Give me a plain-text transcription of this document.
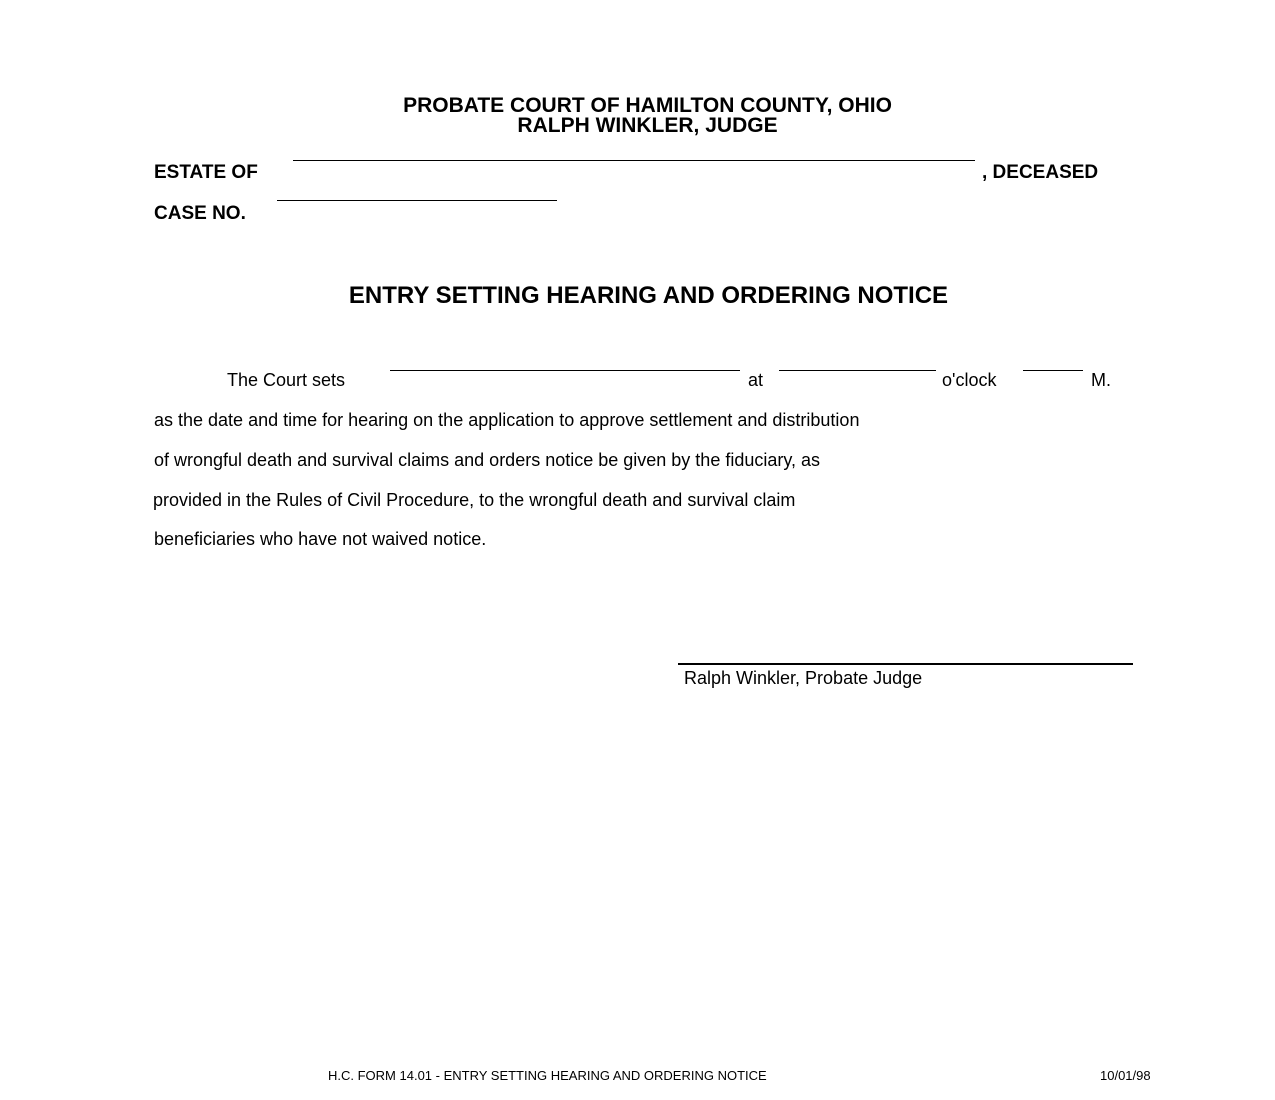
PROBATE COURT OF HAMILTON COUNTY, OHIO
RALPH WINKLER, JUDGE
ESTATE OF	, DECEASED
CASE NO.
ENTRY SETTING HEARING AND ORDERING NOTICE
The Court sets	at	o'clock	M.
as the date and time for hearing on the application to approve settlement and distribution
of wrongful death and survival claims and orders notice be given by the fiduciary, as
provided in the Rules of Civil Procedure, to the wrongful death and survival claim
beneficiaries who have not waived notice.
Ralph Winkler, Probate Judge
H.C. FORM 14.01 - ENTRY SETTING HEARING AND ORDERING NOTICE	10/01/98
